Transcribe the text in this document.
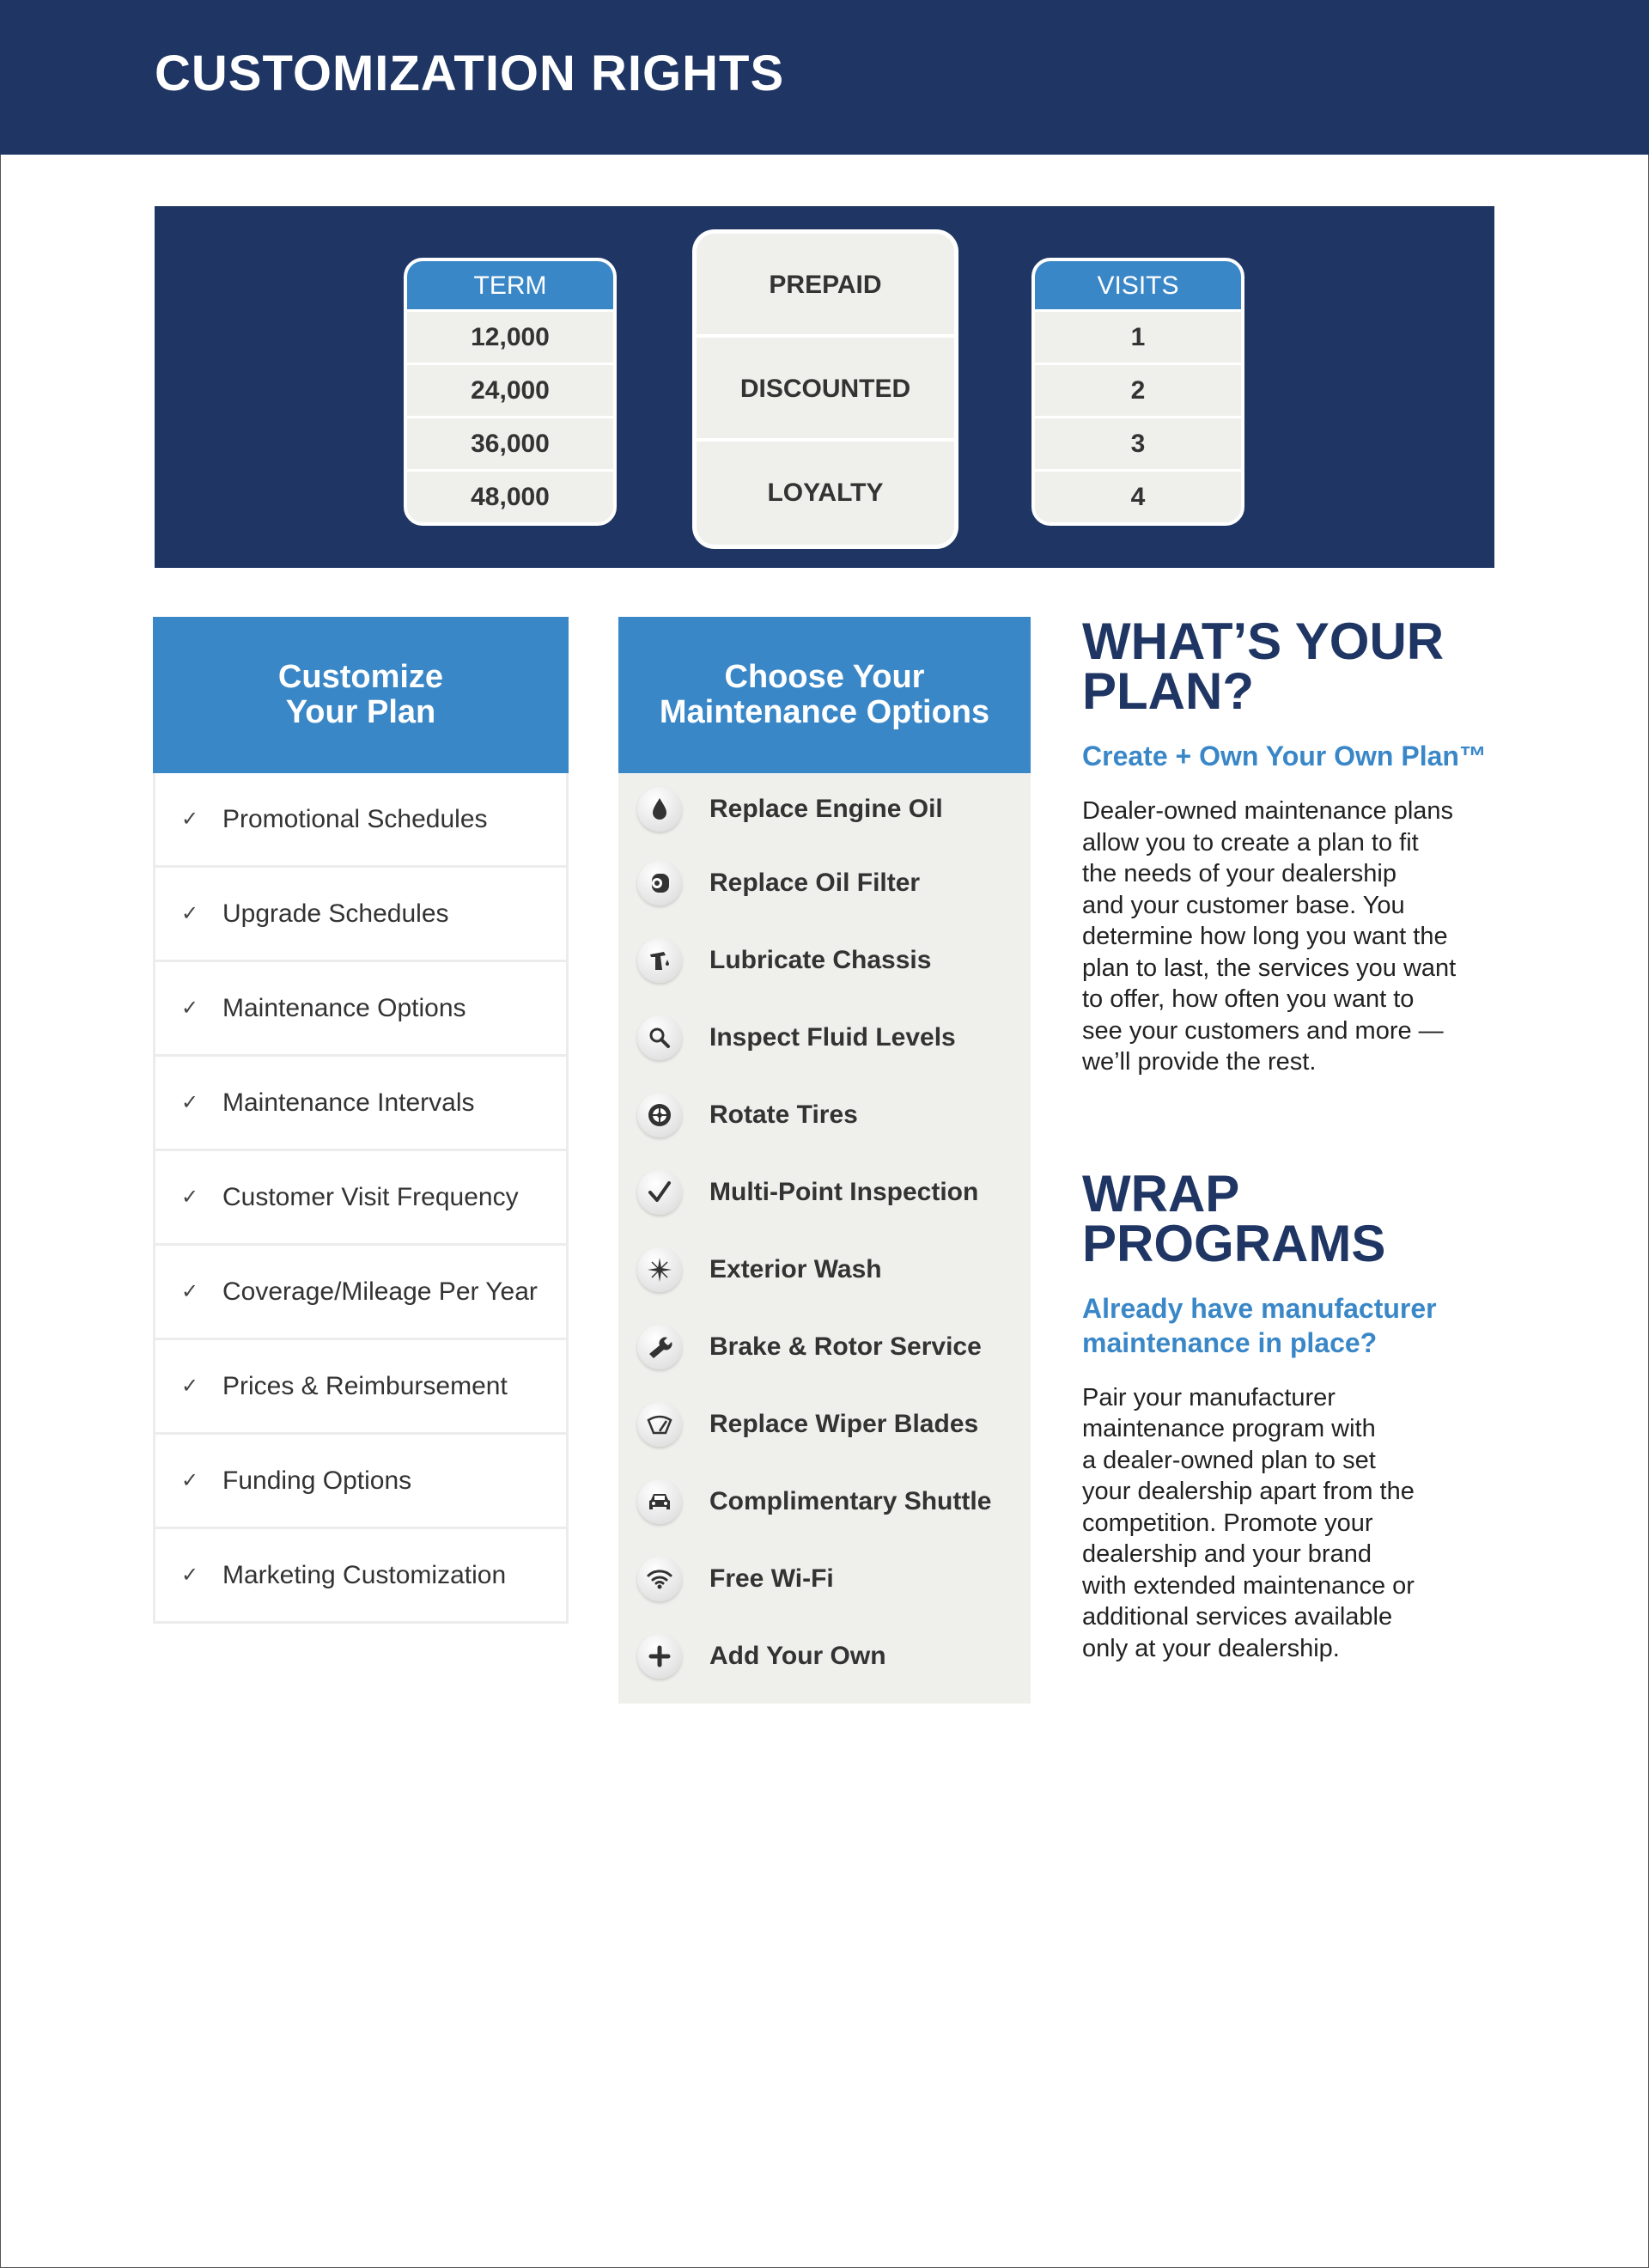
CUSTOMIZATION RIGHTS
TERM
12,000
24,000
36,000
48,000
PREPAID
DISCOUNTED
LOYALTY
VISITS
1
2
3
4
Customize
Your Plan
✓ Promotional Schedules
✓ Upgrade Schedules
✓ Maintenance Options
✓ Maintenance Intervals
✓ Customer Visit Frequency
✓ Coverage/Mileage Per Year
✓ Prices & Reimbursement
✓ Funding Options
✓ Marketing Customization
Choose Your
Maintenance Options
Replace Engine Oil
Replace Oil Filter
Lubricate Chassis
Inspect Fluid Levels
Rotate Tires
Multi-Point Inspection
Exterior Wash
Brake & Rotor Service
Replace Wiper Blades
Complimentary Shuttle
Free Wi-Fi
Add Your Own
WHAT’S YOUR
PLAN?
Create + Own Your Own Plan™

Dealer-owned maintenance plans
allow you to create a plan to fit
the needs of your dealership
and your customer base. You
determine how long you want the
plan to last, the services you want
to offer, how often you want to
see your customers and more —
we’ll provide the rest.

WRAP
PROGRAMS
Already have manufacturer
maintenance in place?

Pair your manufacturer
maintenance program with
a dealer-owned plan to set
your dealership apart from the
competition. Promote your
dealership and your brand
with extended maintenance or
additional services available
only at your dealership.
